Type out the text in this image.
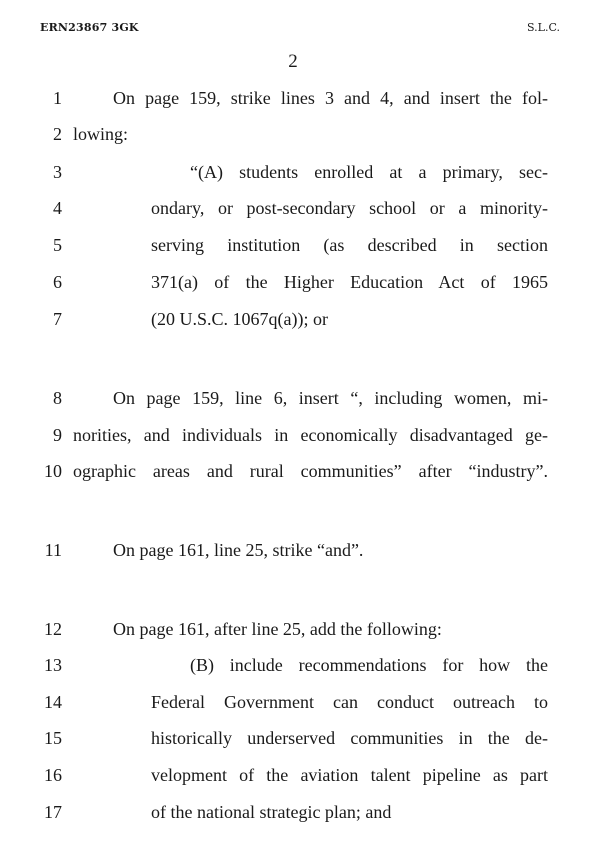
ERN23867 3GK	S.L.C.
2
1	On page 159, strike lines 3 and 4, and insert the fol-
2 lowing:
3	“(A) students enrolled at a primary, sec-
4	ondary, or post-secondary school or a minority-
5	serving institution (as described in section
6	371(a) of the Higher Education Act of 1965
7	(20 U.S.C. 1067q(a)); or
8	On page 159, line 6, insert “, including women, mi-
9 norities, and individuals in economically disadvantaged ge-
10 ographic areas and rural communities” after “industry”.
11	On page 161, line 25, strike “and”.
12	On page 161, after line 25, add the following:
13	(B) include recommendations for how the
14	Federal Government can conduct outreach to
15	historically underserved communities in the de-
16	velopment of the aviation talent pipeline as part
17	of the national strategic plan; and
